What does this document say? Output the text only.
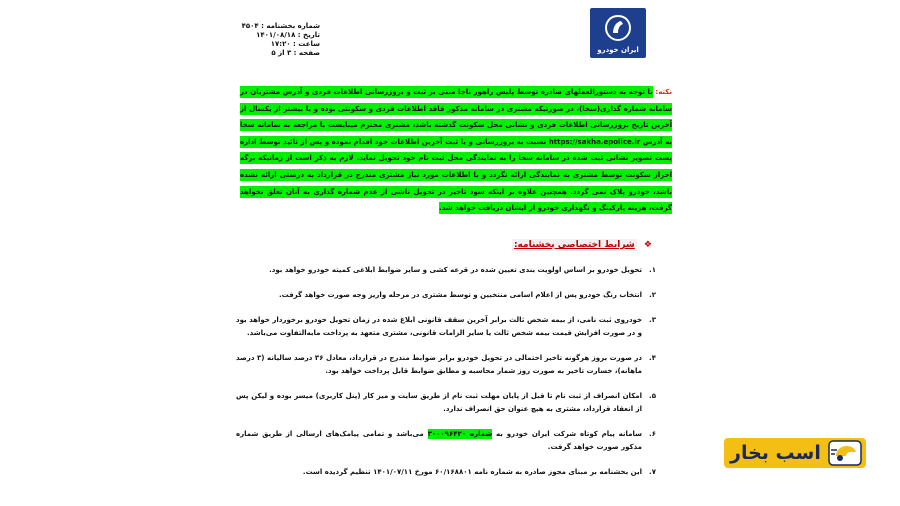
شماره بخشنامه : ۴۵۰۴
تاریخ : ۱۴۰۱/۰۸/۱۸
ساعت : ۱۷:۲۰
صفحه : ۳ از ۵	ایران خودرو
نکته: با توجه به دستورالعملهای صادره توسط پلیس راهور ناجا مبنی بر ثبت و بروزرسانی اطلاعات فردی و آدرس مشتریان در سامانه شماره گذاری(سخا)، در صورتیکه مشتری در سامانه مذکور فاقد اطلاعات فردی و سکونتی بوده و یا بیشتر از یکسال از آخرین تاریخ بروزرسانی اطلاعات فردی و نشانی محل سکونت گذشته باشد، مشتری محترم میبایست با مراجعه به سامانه سخا به آدرس https://sakha.epolice.ir نسبت به بروزرسانی و یا ثبت آخرین اطلاعات خود اقدام نموده و پس از تائید توسط اداره پست تصویر نشانی ثبت شده در سامانه سخا را به نمایندگی محل ثبت نام خود تحویل نماید. لازم به ذکر است از زمانیکه برگه احراز سکونت توسط مشتری به نمایندگی ارائه نگردد و یا اطلاعات مورد نیاز مشتری مندرج در قرارداد به درستی ارائه نشده باشد، خودرو پلاک نمی گردد. همچنین علاوه بر اینکه سود تاخیر در تحویل ناشی از عدم شماره گذاری به آنان تعلق نخواهد گرفت، هزینه پارکینگ و نگهداری خودرو از ایشان دریافت خواهد شد.
❖ شرایط اختصاصی بخشنامه:
۱.
تحویل خودرو بر اساس اولویت بندی تعیین شده در قرعه کشی و سایر ضوابط ابلاغی کمیته خودرو خواهد بود.
۲.
انتخاب رنگ خودرو پس از اعلام اسامی منتخبین و توسط مشتری در مرحله واریز وجه صورت خواهد گرفت.
۳.
خودروی ثبت نامی، از بیمه شخص ثالث برابر آخرین سقف قانونی ابلاغ شده در زمان تحویل خودرو برخوردار خواهد بود و در صورت افزایش قیمت بیمه شخص ثالث یا سایر الزامات قانونی، مشتری متعهد به پرداخت مابه‌التفاوت می‌باشد.
۴.
در صورت بروز هرگونه تاخیر احتمالی در تحویل خودرو برابر ضوابط مندرج در قرارداد، معادل ۳۶ درصد سالیانه (۳ درصد ماهانه)، خسارت تاخیر به صورت روز شمار محاسبه و مطابق ضوابط قابل پرداخت خواهد بود.
۵.
امکان انصراف از ثبت نام تا قبل از پایان مهلت ثبت نام از طریق سایت و میز کار (پنل کاربری) میسر بوده و لیکن پس از انعقاد قرارداد، مشتری به هیچ عنوان حق انصراف ندارد.
۶.
سامانه پیام کوتاه شرکت ایران خودرو به شماره ۳۰۰۰۹۶۴۲۰ می‌باشد و تمامی پیامک‌های ارسالی از طریق شماره مذکور صورت خواهد گرفت.
۷.
این بخشنامه بر مبنای مجوز صادره به شماره نامه ۶۰/۱۶۸۸۰۱ مورخ ۱۴۰۱/۰۷/۱۱ تنظیم گردیده است.
اسب بخار
